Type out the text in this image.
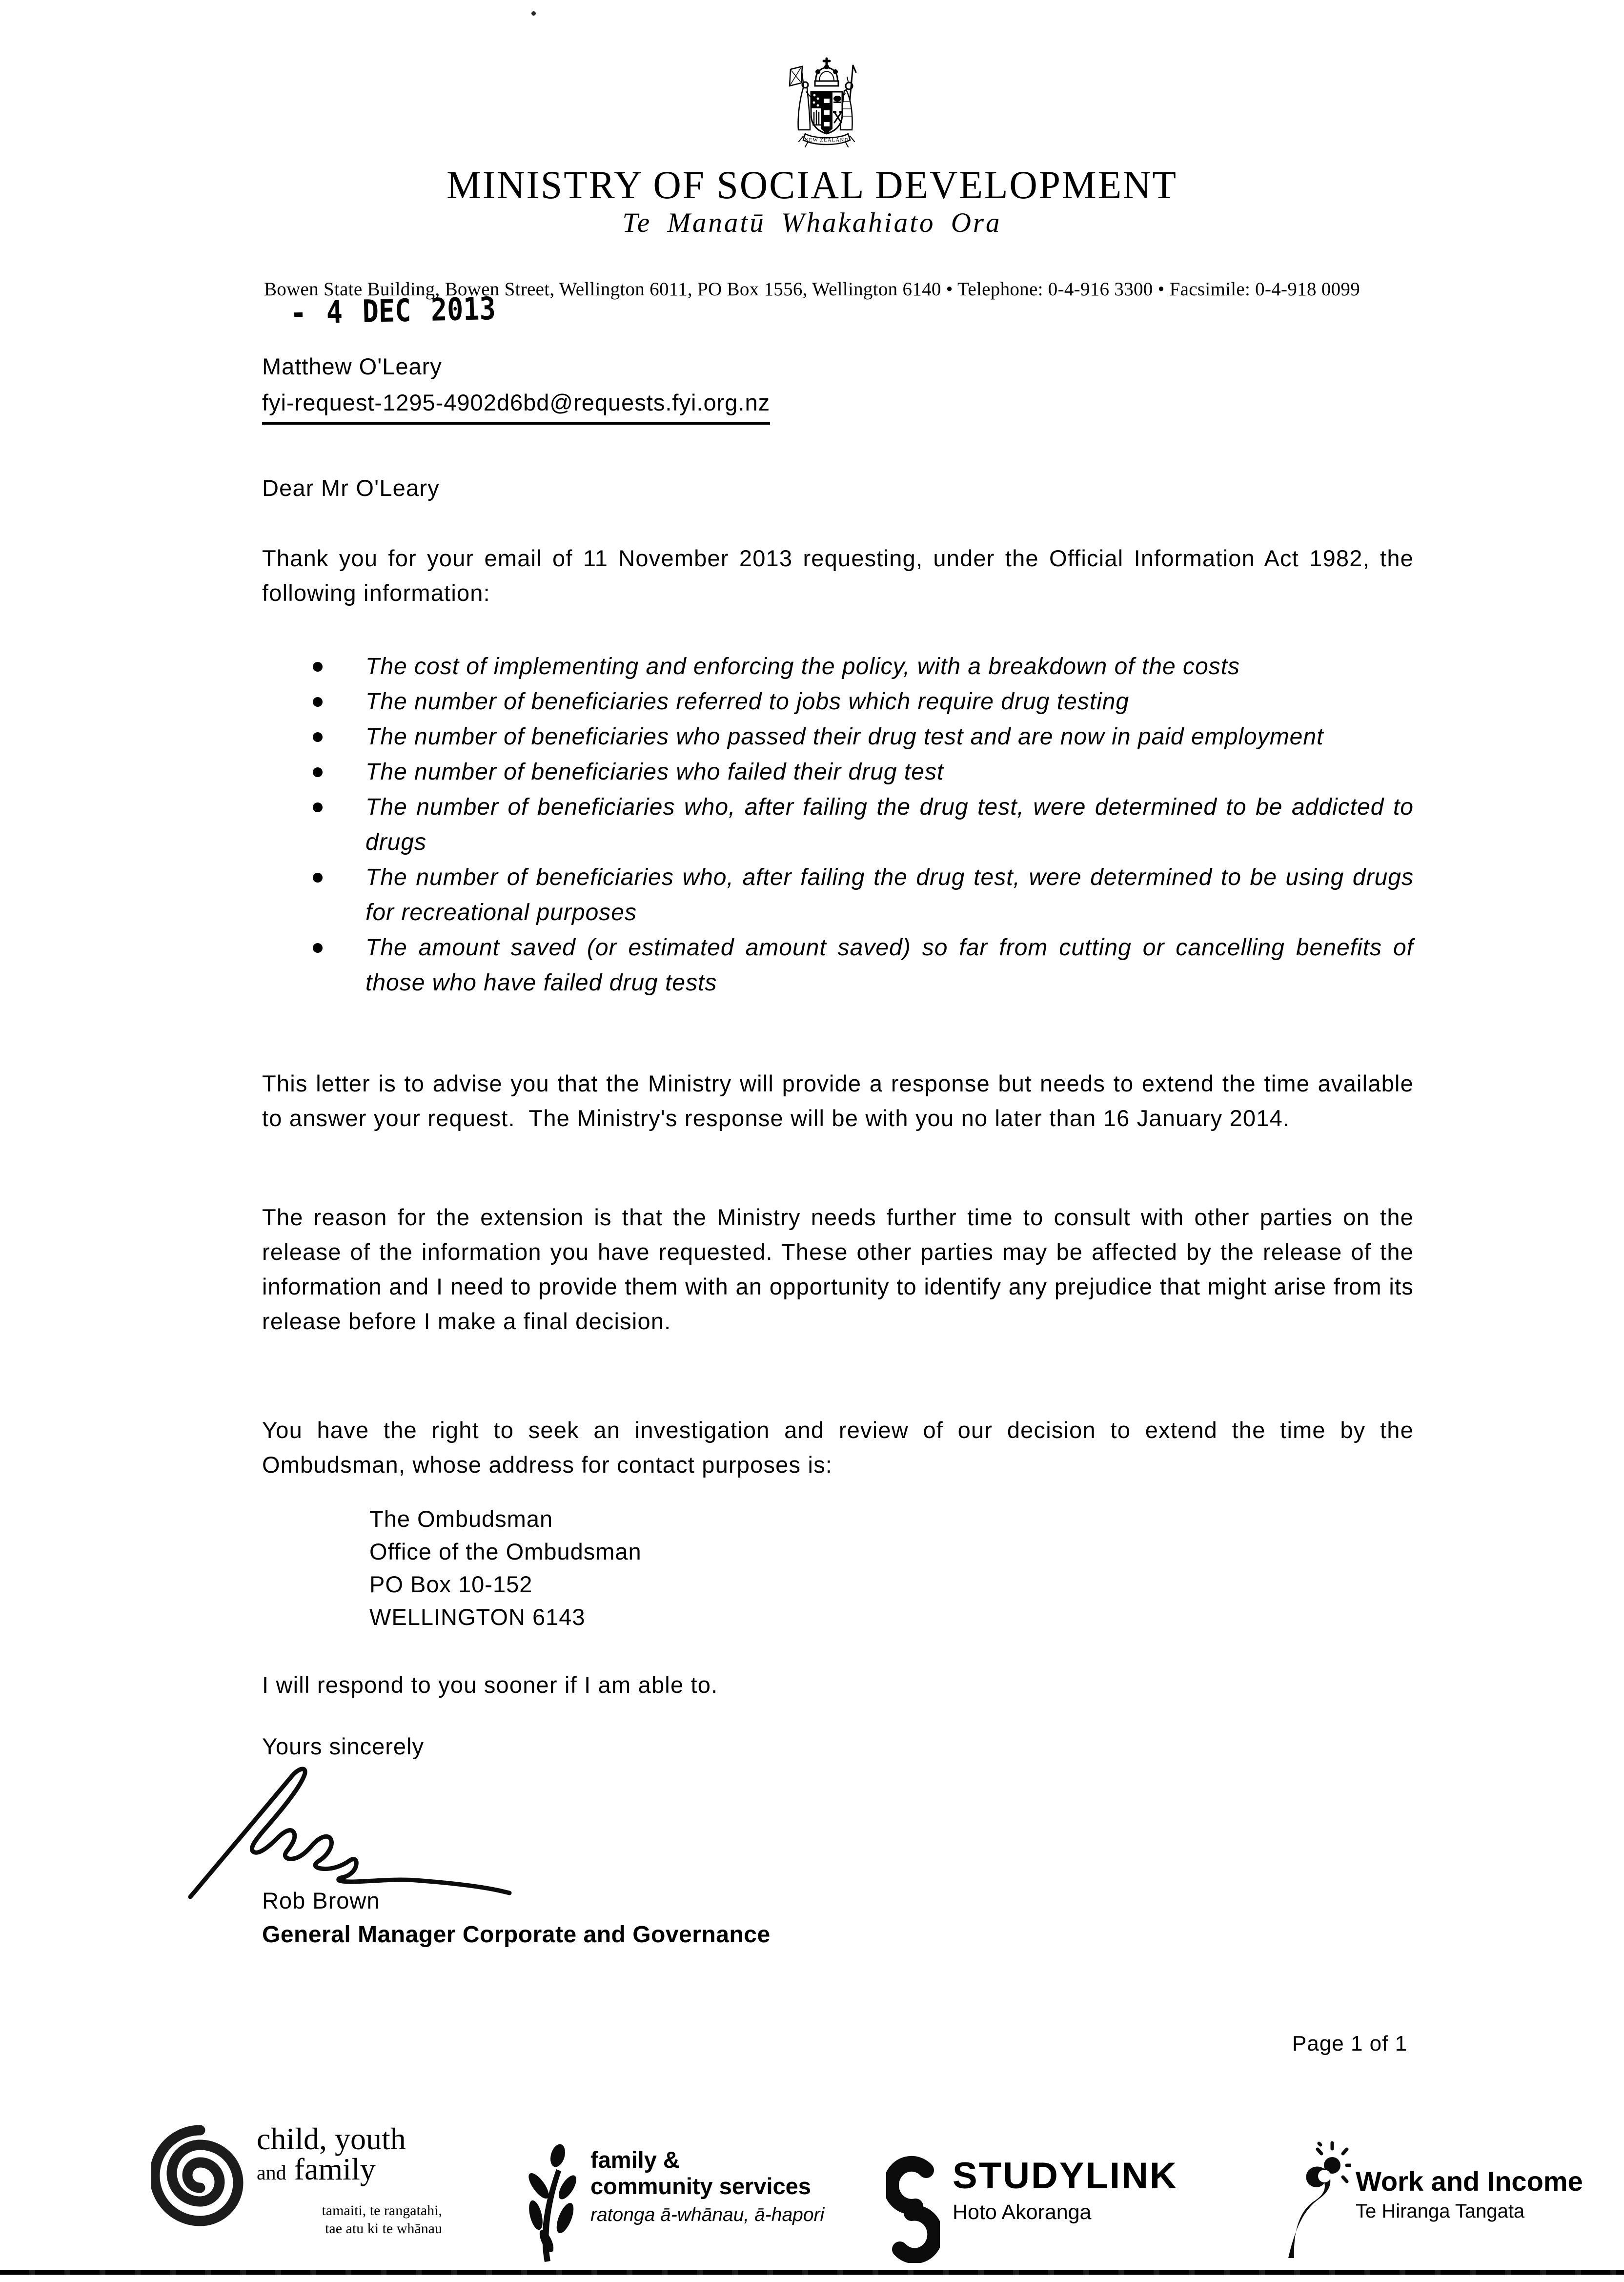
NEW ZEALAND
MINISTRY OF SOCIAL DEVELOPMENT
Te Manatū Whakahiato Ora
Bowen State Building, Bowen Street, Wellington 6011, PO Box 1556, Wellington 6140 • Telephone: 0-4-916 3300 • Facsimile: 0-4-918 0099
- 4 DEC 2013
Matthew O'Leary
fyi-request-1295-4902d6bd@requests.fyi.org.nz
Dear Mr O'Leary
Thank you for your email of 11 November 2013 requesting, under the Official Information Act 1982, the following information:
The cost of implementing and enforcing the policy, with a breakdown of the costs
The number of beneficiaries referred to jobs which require drug testing
The number of beneficiaries who passed their drug test and are now in paid employment
The number of beneficiaries who failed their drug test
The number of beneficiaries who, after failing the drug test, were determined to be addicted to drugs
The number of beneficiaries who, after failing the drug test, were determined to be using drugs for recreational purposes
The amount saved (or estimated amount saved) so far from cutting or cancelling benefits of those who have failed drug tests
This letter is to advise you that the Ministry will provide a response but needs to extend the time available to answer your request.  The Ministry's response will be with you no later than 16 January 2014.
The reason for the extension is that the Ministry needs further time to consult with other parties on the release of the information you have requested. These other parties may be affected by the release of the information and I need to provide them with an opportunity to identify any prejudice that might arise from its release before I make a final decision.
You have the right to seek an investigation and review of our decision to extend the time by the Ombudsman, whose address for contact purposes is:
The Ombudsman
Office of the Ombudsman
PO Box 10-152
WELLINGTON 6143
I will respond to you sooner if I am able to.
Yours sincerely
Rob Brown
General Manager Corporate and Governance
Page 1 of 1
child, youth
and family
tamaiti, te rangatahi,
tae atu ki te whānau
family &
community services
ratonga ā-whānau, ā-hapori
STUDYLINK
Hoto Akoranga
Work and Income
Te Hiranga Tangata
